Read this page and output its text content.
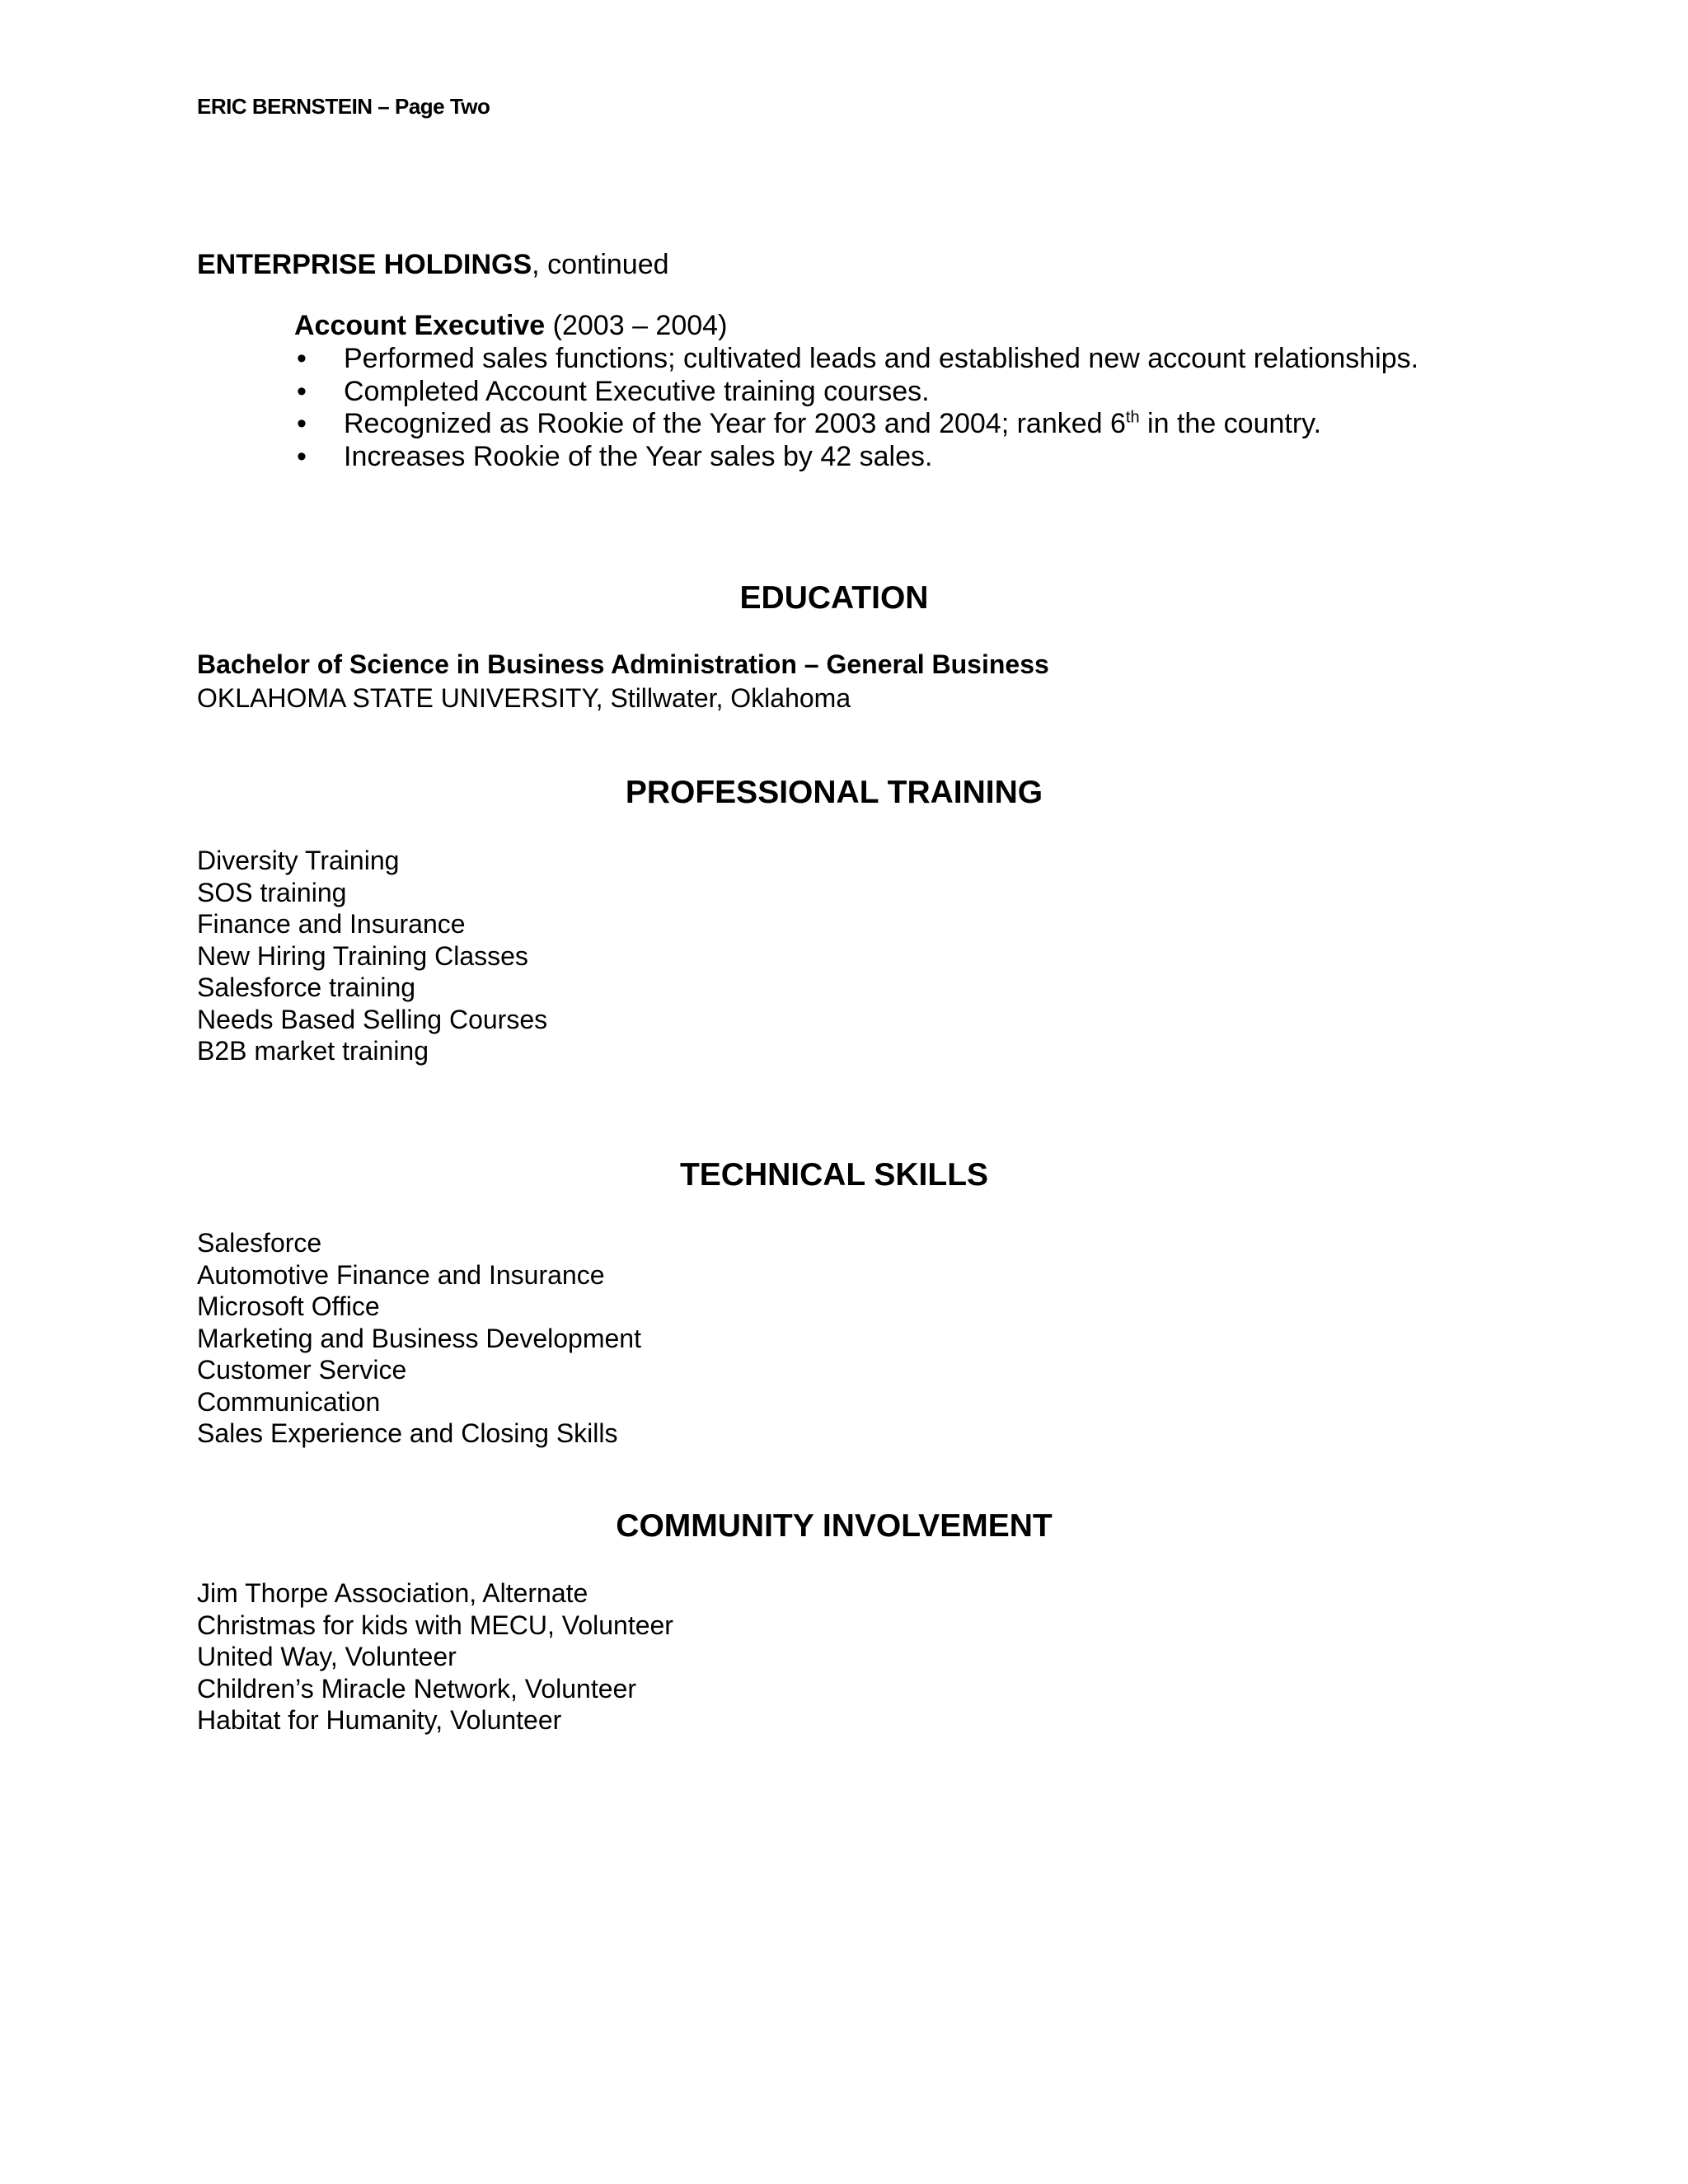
ERIC BERNSTEIN – Page Two
ENTERPRISE HOLDINGS, continued
Account Executive (2003 – 2004)
• Performed sales functions; cultivated leads and established new account relationships.
• Completed Account Executive training courses.
• Recognized as Rookie of the Year for 2003 and 2004; ranked 6th in the country.
• Increases Rookie of the Year sales by 42 sales.
EDUCATION
Bachelor of Science in Business Administration – General Business
OKLAHOMA STATE UNIVERSITY, Stillwater, Oklahoma
PROFESSIONAL TRAINING
Diversity Training
SOS training
Finance and Insurance
New Hiring Training Classes
Salesforce training
Needs Based Selling Courses
B2B market training
TECHNICAL SKILLS
Salesforce
Automotive Finance and Insurance
Microsoft Office
Marketing and Business Development
Customer Service
Communication
Sales Experience and Closing Skills
COMMUNITY INVOLVEMENT
Jim Thorpe Association, Alternate
Christmas for kids with MECU, Volunteer
United Way, Volunteer
Children’s Miracle Network, Volunteer
Habitat for Humanity, Volunteer
